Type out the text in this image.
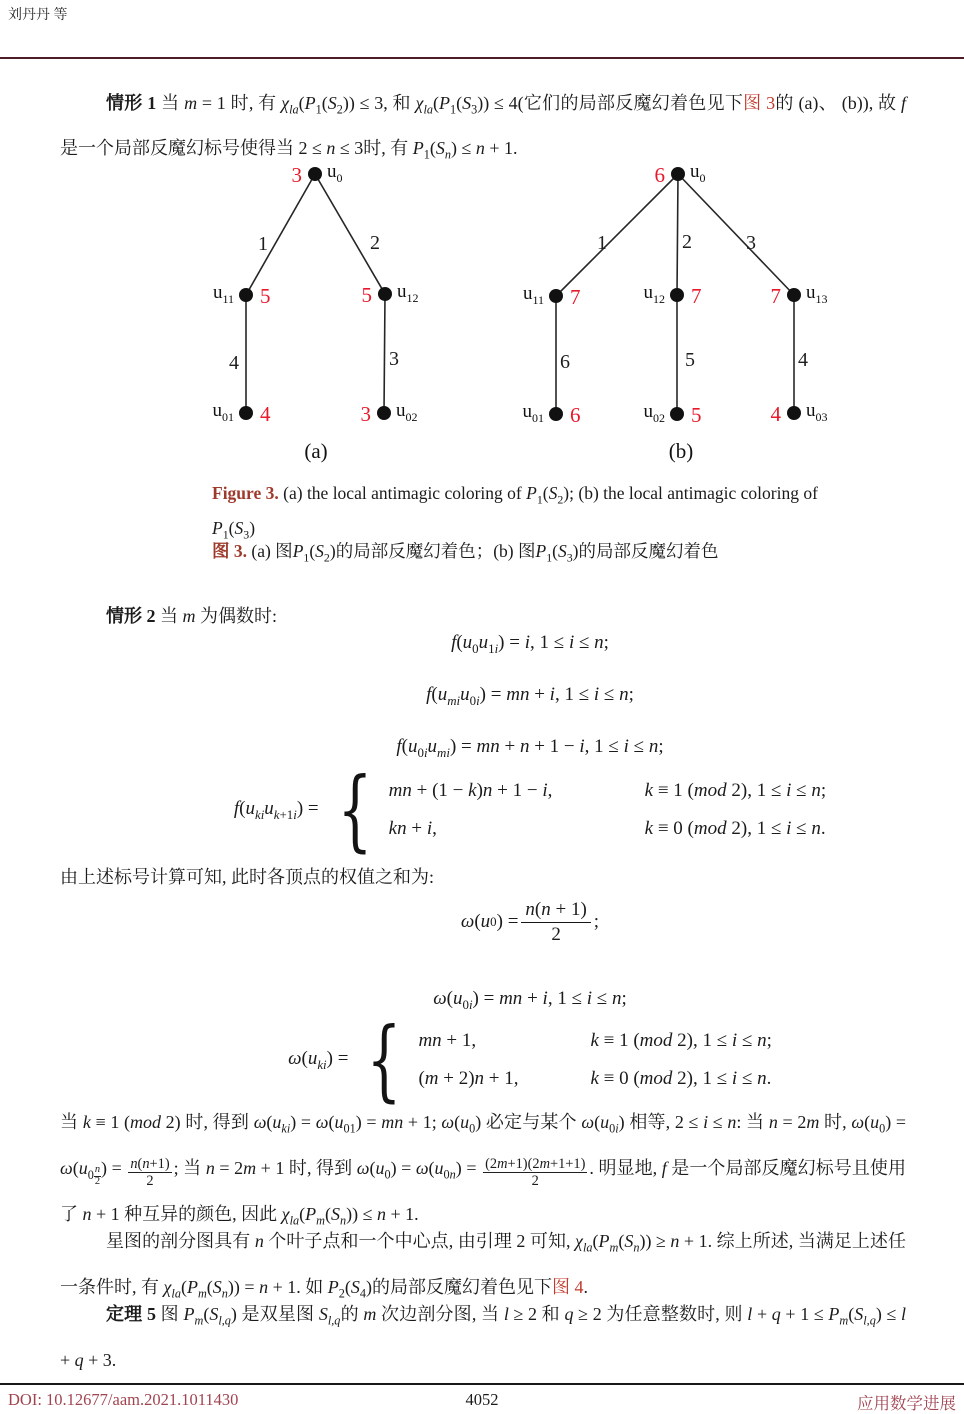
刘丹丹 等
情形 1 当 m = 1 时, 有 $\chi_{la}(P_1(S_2)) \le 3$, 和 $\chi_{la}(P_1(S_3)) \le 4$(它们的局部反魔幻着色见下图 3的 (a)、 (b)), 故 f 是一个局部反魔幻标号使得当 2 ≤ n ≤ 3时, 有 $P_1(S_n) \le n + 1$.
1	2
4	3
$u_0$
3
$u_{11}$ 5	$u_{12}$
5
$u_{01}$ 4	$u_{02}$
3
(a)
1	2	3
6	5	4
$u_0$
6
$u_{11}$ 7	$u_{12}$ 7	$u_{13}$
7
$u_{01}$ 6	$u_{02}$ 5	$u_{03}$
4
(b)
Figure 3. (a) the local antimagic coloring of $P_1(S_2)$; (b) the local antimagic coloring of $P_1(S_3)$
图 3. (a) 图$P_1(S_2)$的局部反魔幻着色；(b) 图$P_1(S_3)$的局部反魔幻着色
情形 2 当 m 为偶数时:
$f(u_0u_{1i}) = i$, 1 ≤ i ≤ n;
$f(u_{mi}u_{0i})$ = mn + i, 1 ≤ i ≤ n;
$f(u_{0i}u_{mi})$ = mn + n + 1 − i, 1 ≤ i ≤ n;
$f(u_{ki}u_{k+1i})$ = { mn + (1 − k)n + 1 − i,	k ≡ 1 (mod 2), 1 ≤ i ≤ n;
kn + i,	k ≡ 0 (mod 2), 1 ≤ i ≤ n.
由上述标号计算可知, 此时各顶点的权值之和为:
ω ( u 0 ) = $\frac{n(n + 1)}{2}$ ;
$\omega(u_{0i})$ = mn + i, 1 ≤ i ≤ n;
$\omega(u_{ki})$ = { mn + 1,	k ≡ 1 (mod 2), 1 ≤ i ≤ n;
(m + 2)n + 1,	k ≡ 0 (mod 2), 1 ≤ i ≤ n.
当 k ≡ 1 (mod 2) 时, 得到 $\omega(u_{ki}) = \omega(u_{01})$ = mn + 1; $\omega(u_0)$ 必定与某个 $\omega(u_{0i})$ 相等, 2 ≤ i ≤ n: 当 n = 2m 时, $\omega(u_0) = \omega(u_{0 \frac{n}{2}}$ ) = $\frac{n(n+1)}{2}$ ; 当 n = 2m + 1 时, 得到 $\omega(u_0) = \omega(u_{0n}) = \frac{(2m+1)(2m+1+1)}{2}$ . 明显地, f 是一个局部反魔幻标号且使用了 n + 1 种互异的颜色, 因此 $\chi_{la}(P_m(S_n)) \le n + 1$.
星图的剖分图具有 n 个叶子点和一个中心点, 由引理 2 可知, $\chi_{la}(P_m(S_n)) \ge n + 1$. 综上所述, 当满足上述任一条件时, 有 $\chi_{la}(P_m(S_n)) = n + 1$. 如 $P_2(S_4)$的局部反魔幻着色见下图 4.
定理 5 图 $P_m(S_{l,q})$ 是双星图 $S_{l,q}$的 m 次边剖分图, 当 l ≥ 2 和 q ≥ 2 为任意整数时, 则 $l + q + 1 \le P_m(S_{l,q}) \le l + q + 3$.
DOI: 10.12677/aam.2021.1011430	4052	应用数学进展
